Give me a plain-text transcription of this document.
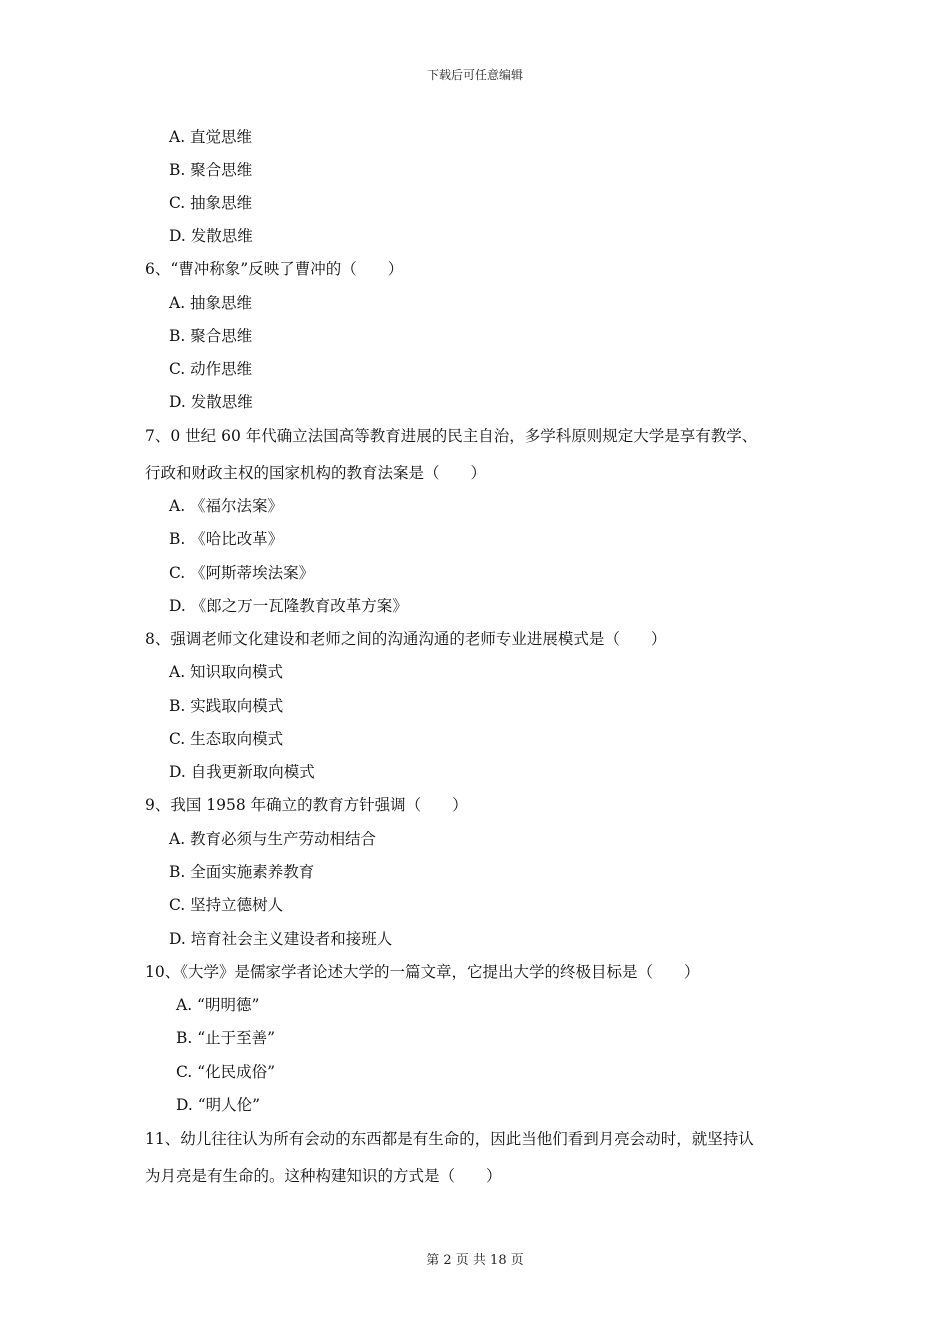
下载后可任意编辑
A. 直觉思维
B. 聚合思维
C. 抽象思维
D. 发散思维
6、“曹冲称象”反映了曹冲的（　　）
A. 抽象思维
B. 聚合思维
C. 动作思维
D. 发散思维
7、0 世纪 60 年代确立法国高等教育进展的民主自治，多学科原则规定大学是享有教学、
行政和财政主权的国家机构的教育法案是（　　）
A. 《福尔法案》
B. 《哈比改革》
C. 《阿斯蒂埃法案》
D. 《郎之万一瓦隆教育改革方案》
8、强调老师文化建设和老师之间的沟通沟通的老师专业进展模式是（　　）
A. 知识取向模式
B. 实践取向模式
C. 生态取向模式
D. 自我更新取向模式
9、我国 1958 年确立的教育方针强调（　　）
A. 教育必须与生产劳动相结合
B. 全面实施素养教育
C. 坚持立德树人
D. 培育社会主义建设者和接班人
10、《大学》是儒家学者论述大学的一篇文章，它提出大学的终极目标是（　　）
A. “明明德”
B. “止于至善”
C. “化民成俗”
D. “明人伦”
11、幼儿往往认为所有会动的东西都是有生命的，因此当他们看到月亮会动时，就坚持认
为月亮是有生命的。这种构建知识的方式是（　　）
第 2 页 共 18 页
